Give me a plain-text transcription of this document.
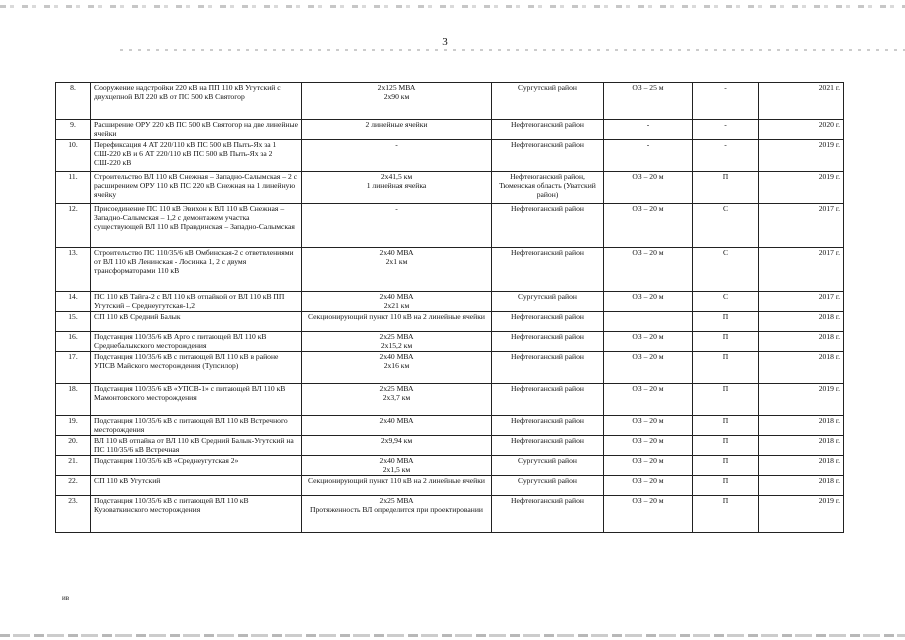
3
8.	Сооружение надстройки 220 кВ на ПП 110 кВ Угутский с двухцепной ВЛ 220 кВ от ПС 500 кВ Святогор	2х125 МВА
2х90 км	Сургутский район	ОЗ – 25 м	-	2021 г.
9.	Расширение ОРУ 220 кВ ПС 500 кВ Святогор на две линейные ячейки	2 линейные ячейки	Нефтеюганский район	-	-	2020 г.
10.	Перефиксация 4 АТ 220/110 кВ ПС 500 кВ Пыть-Ях за 1 СШ-220 кВ и 6 АТ 220/110 кВ ПС 500 кВ Пыть-Ях за 2 СШ-220 кВ	-	Нефтеюганский район	-	-	2019 г.
11.	Строительство ВЛ 110 кВ Снежная – Западно-Салымская – 2 с расширением ОРУ 110 кВ ПС 220 кВ Снежная на 1 линейную ячейку	2х41,5 км
1 линейная ячейка	Нефтеюганский район, Тюменская область (Уватский район)	ОЗ – 20 м	П	2019 г.
12.	Присоединение ПС 110 кВ Эвихон к ВЛ 110 кВ Снежная – Западно-Салымская – 1,2 с демонтажем участка существующей ВЛ 110 кВ Правдинская – Западно-Салымская	-	Нефтеюганский район	ОЗ – 20 м	С	2017 г.
13.	Строительство ПС 110/35/6 кВ Омбинская-2 с ответвлениями от ВЛ 110 кВ Ленинская - Лосинка 1, 2 с двумя трансформаторами 110 кВ	2х40 МВА
2х1 км	Нефтеюганский район	ОЗ – 20 м	С	2017 г.
14.	ПС 110 кВ Тайга-2 с ВЛ 110 кВ отпайкой от ВЛ 110 кВ ПП Угутский – Среднеугутская-1,2	2х40 МВА
2х21 км	Сургутский район	ОЗ – 20 м	С	2017 г.
15.	СП 110 кВ Средний Балык	Секционирующий пункт 110 кВ на 2 линейные ячейки	Нефтеюганский район		П	2018 г.
16.	Подстанция 110/35/6 кВ Арго с питающей ВЛ 110 кВ Среднебалыкского месторождения	2х25 МВА
2х15,2 км	Нефтеюганский район	ОЗ – 20 м	П	2018 г.
17.	Подстанция 110/35/6 кВ с питающей ВЛ 110 кВ в районе УПСВ Майского месторождения (Тупсилор)	2х40 МВА
2х16 км	Нефтеюганский район	ОЗ – 20 м	П	2018 г.
18.	Подстанция 110/35/6 кВ «УПСВ-1» с питающей ВЛ 110 кВ Мамонтовского месторождения	2х25 МВА
2х3,7 км	Нефтеюганский район	ОЗ – 20 м	П	2019 г.
19.	Подстанция 110/35/6 кВ с питающей ВЛ 110 кВ Встречного месторождения	2х40 МВА	Нефтеюганский район	ОЗ – 20 м	П	2018 г.
20.	ВЛ 110 кВ отпайка от ВЛ 110 кВ Средний Балык-Угутский на ПС 110/35/6 кВ Встречная	2х9,94 км	Нефтеюганский район	ОЗ – 20 м	П	2018 г.
21.	Подстанция 110/35/6 кВ «Среднеугутская 2»	2х40 МВА
2х1,5 км	Сургутский район	ОЗ – 20 м	П	2018 г.
22.	СП 110 кВ Угутский	Секционирующий пункт 110 кВ на 2 линейные ячейки	Сургутский район	ОЗ – 20 м	П	2018 г.
23.	Подстанция 110/35/6 кВ с питающей ВЛ 110 кВ Кузоваткинского месторождения	2х25 МВА
Протяженность ВЛ определится при проектировании	Нефтеюганский район	ОЗ – 20 м	П	2019 г.
ив
